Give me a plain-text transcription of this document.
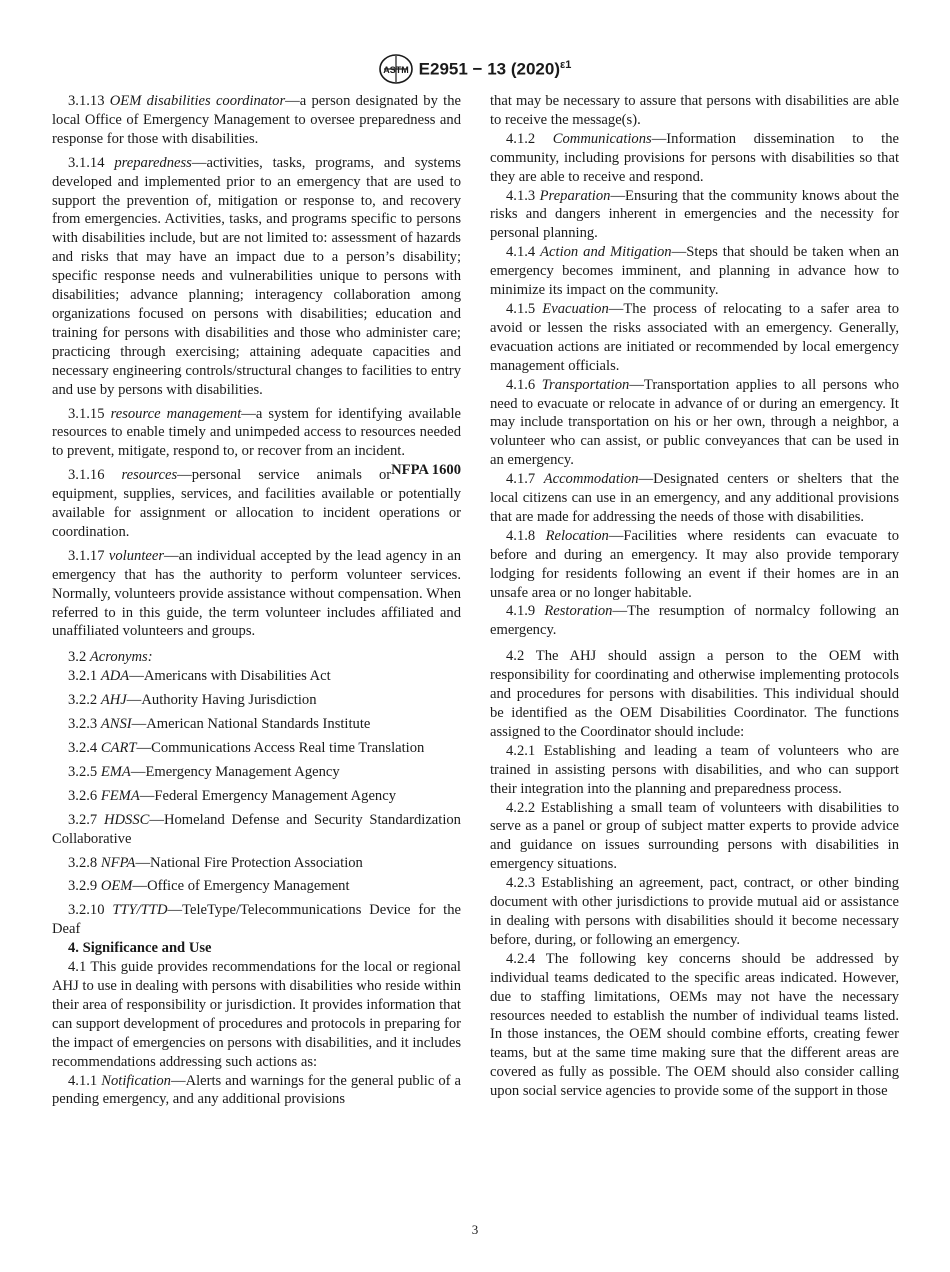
ASTM E2951 − 13 $(2020)^{\varepsilon 1}$

3.1.13 OEM disabilities coordinator—a person designated by the local Office of Emergency Management to oversee preparedness and response for those with disabilities.

3.1.14 preparedness—activities, tasks, programs, and systems developed and implemented prior to an emergency that are used to support the prevention of, mitigation or response to, and recovery from emergencies. Activities, tasks, and programs specific to persons with disabilities include, but are not limited to: assessment of hazards and risks that may have an impact due to a person’s disability; specific response needs and vulnerabilities unique to persons with disabilities; advance planning; interagency collaboration among organizations focused on persons with disabilities; education and training for persons with disabilities and those who administer care; practicing through exercising; attaining adequate capacities and necessary engineering controls/structural changes to facilities to entry and use by persons with disabilities.

3.1.15 resource management—a system for identifying available resources to enable timely and unimpeded access to resources needed to prevent, mitigate, respond to, or recover from an incident.
NFPA 1600

3.1.16 resources—personal service animals or equipment, supplies, services, and facilities available or potentially available for assignment or allocation to incident operations or coordination.

3.1.17 volunteer—an individual accepted by the lead agency in an emergency that has the authority to perform volunteer services. Normally, volunteers provide assistance without compensation. When referred to in this guide, the term volunteer includes affiliated and unaffiliated volunteers and groups.

3.2 Acronyms:

3.2.1 ADA—Americans with Disabilities Act

3.2.2 AHJ—Authority Having Jurisdiction

3.2.3 ANSI—American National Standards Institute

3.2.4 CART—Communications Access Real time Translation

3.2.5 EMA—Emergency Management Agency

3.2.6 FEMA—Federal Emergency Management Agency

3.2.7 HDSSC—Homeland Defense and Security Standardization Collaborative

3.2.8 NFPA—National Fire Protection Association

3.2.9 OEM—Office of Emergency Management

3.2.10 TTY/TTD—TeleType/Telecommunications Device for the Deaf

4. Significance and Use

4.1 This guide provides recommendations for the local or regional AHJ to use in dealing with persons with disabilities who reside within their area of responsibility or jurisdiction. It provides information that can support development of procedures and protocols in preparing for the impact of emergencies on persons with disabilities, and it includes recommendations addressing such actions as:

4.1.1 Notification—Alerts and warnings for the general public of a pending emergency, and any additional provisions

that may be necessary to assure that persons with disabilities are able to receive the message(s).

4.1.2 Communications—Information dissemination to the community, including provisions for persons with disabilities so that they are able to receive and respond.

4.1.3 Preparation—Ensuring that the community knows about the risks and dangers inherent in emergencies and the necessity for personal planning.

4.1.4 Action and Mitigation—Steps that should be taken when an emergency becomes imminent, and planning in advance how to minimize its impact on the community.

4.1.5 Evacuation—The process of relocating to a safer area to avoid or lessen the risks associated with an emergency. Generally, evacuation actions are initiated or recommended by local emergency management officials.

4.1.6 Transportation—Transportation applies to all persons who need to evacuate or relocate in advance of or during an emergency. It may include transportation on his or her own, through a neighbor, a volunteer who can assist, or public conveyances that can be used in an emergency.

4.1.7 Accommodation—Designated centers or shelters that the local citizens can use in an emergency, and any additional provisions that are made for addressing the needs of those with disabilities.

4.1.8 Relocation—Facilities where residents can evacuate to before and during an emergency. It may also provide temporary lodging for residents following an event if their homes are in an unsafe area or no longer habitable.

4.1.9 Restoration—The resumption of normalcy following an emergency.

4.2 The AHJ should assign a person to the OEM with responsibility for coordinating and otherwise implementing protocols and procedures for persons with disabilities. This individual should be identified as the OEM Disabilities Coordinator. The functions assigned to the Coordinator should include:

4.2.1 Establishing and leading a team of volunteers who are trained in assisting persons with disabilities, and who can support their integration into the planning and preparedness process.

4.2.2 Establishing a small team of volunteers with disabilities to serve as a panel or group of subject matter experts to provide advice and guidance on issues surrounding persons with disabilities in emergency situations.

4.2.3 Establishing an agreement, pact, contract, or other binding document with other jurisdictions to provide mutual aid or assistance in dealing with persons with disabilities should it become necessary before, during, or following an emergency.

4.2.4 The following key concerns should be addressed by individual teams dedicated to the specific areas indicated. However, due to staffing limitations, OEMs may not have the necessary resources needed to establish the number of individual teams listed. In those instances, the OEM should combine efforts, creating fewer teams, but at the same time making sure that the different areas are covered as fully as possible. The OEM should also consider calling upon social service agencies to provide some of the support in those

3
